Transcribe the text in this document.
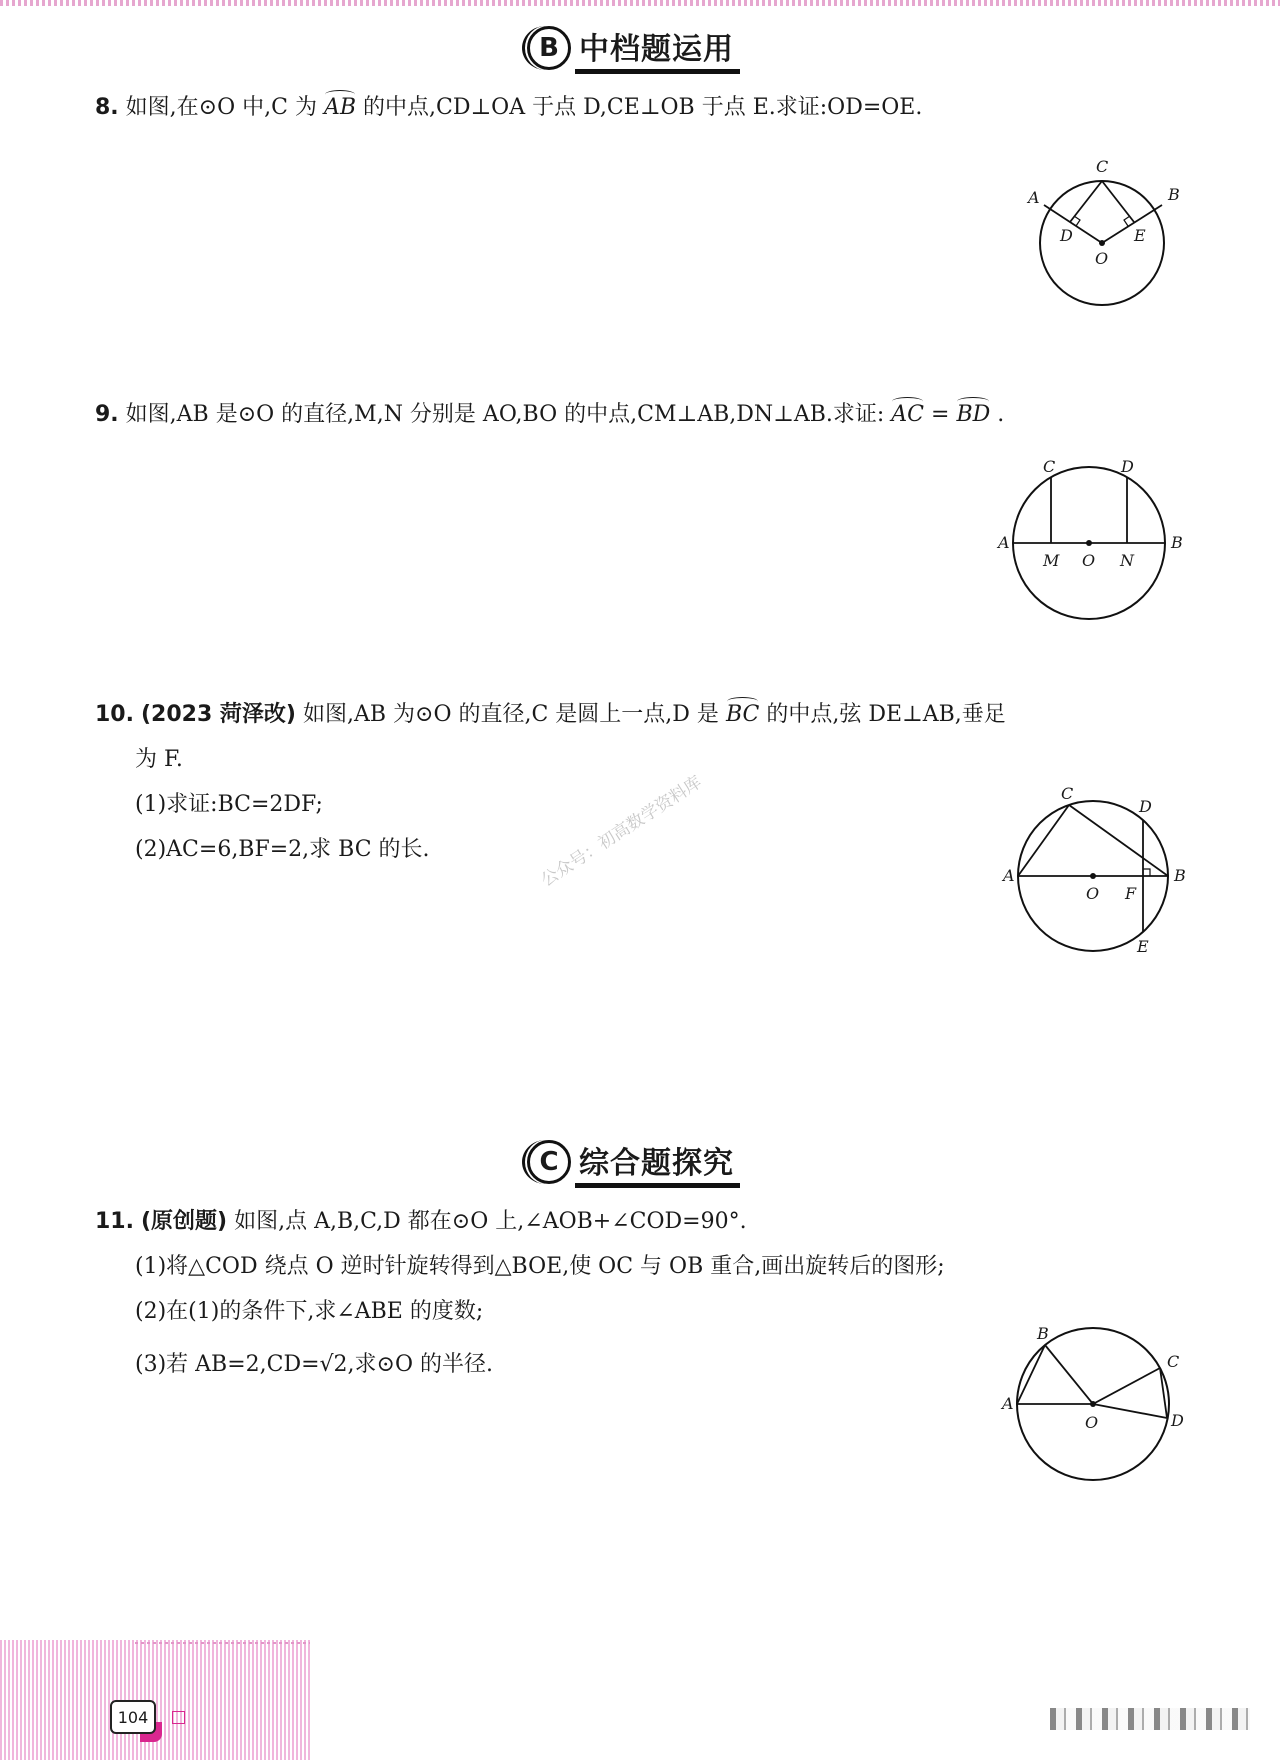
B 中档题运用
8. 如图,在⊙O 中,C 为 AB 的中点,CD⊥OA 于点 D,CE⊥OB 于点 E.求证:OD=OE.
C
A	B
D	E
O
9. 如图,AB 是⊙O 的直径,M,N 分别是 AO,BO 的中点,CM⊥AB,DN⊥AB.求证: AC = BD .
C	D
A	B
M O N
10. (2023 菏泽改) 如图,AB 为⊙O 的直径,C 是圆上一点,D 是 BC 的中点,弦 DE⊥AB,垂足
为 F.
(1)求证:BC=2DF;
(2)AC=6,BF=2,求 BC 的长.
C
D
A	B
O F
E
公众号：初高数学资料库
C 综合题探究
11. (原创题) 如图,点 A,B,C,D 都在⊙O 上,∠AOB+∠COD=90°.
(1)将△COD 绕点 O 逆时针旋转得到△BOE,使 OC 与 OB 重合,画出旋转后的图形;
(2)在(1)的条件下,求∠ABE 的度数;
(3)若 AB=2,CD=√2,求⊙O 的半径.
B
C
A
D
O
104
